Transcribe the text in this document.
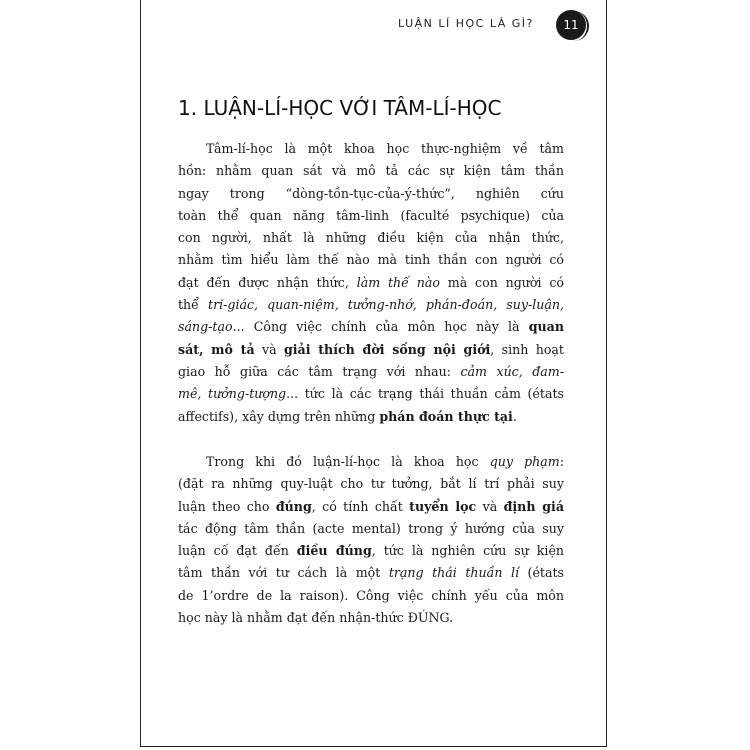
LUẬN LÍ HỌC LÀ GÌ?	11
1. LUẬN-LÍ-HỌC VỚI TÂM-LÍ-HỌC
Tâm-lí-học là một khoa học thực-nghiệm về tâm
hồn: nhằm quan sát và mô tả các sự kiện tâm thần
ngay trong “dòng-tồn-tục-của-ý-thức”, nghiên cứu
toàn thể quan năng tâm-linh (faculté psychique) của
con người, nhất là những điều kiện của nhận thức,
nhằm tìm hiểu làm thế nào mà tinh thần con người có
đạt đến được nhận thức, làm thế nào mà con người có
thể tri-giác, quan-niệm, tưởng-nhớ, phán-đoán, suy-luận,
sáng-tạo... Công việc chính của môn học này là quan
sát, mô tả và giải thích đời sống nội giới, sinh hoạt
giao hỗ giữa các tâm trạng với nhau: cảm xúc, đam-
mê, tưởng-tượng... tức là các trạng thái thuần cảm (états
affectifs), xây dựng trên những phán đoán thực tại.
Trong khi đó luận-lí-học là khoa học quy phạm:
(đặt ra những quy-luật cho tư tưởng, bắt lí trí phải suy
luận theo cho đúng, có tính chất tuyển lọc và định giá
tác động tâm thần (acte mental) trong ý hướng của suy
luận cố đạt đến điều đúng, tức là nghiên cứu sự kiện
tâm thần với tư cách là một trạng thái thuần lí (états
de 1’ordre de la raison). Công việc chính yếu của môn
học này là nhằm đạt đến nhận-thức ĐÚNG.
